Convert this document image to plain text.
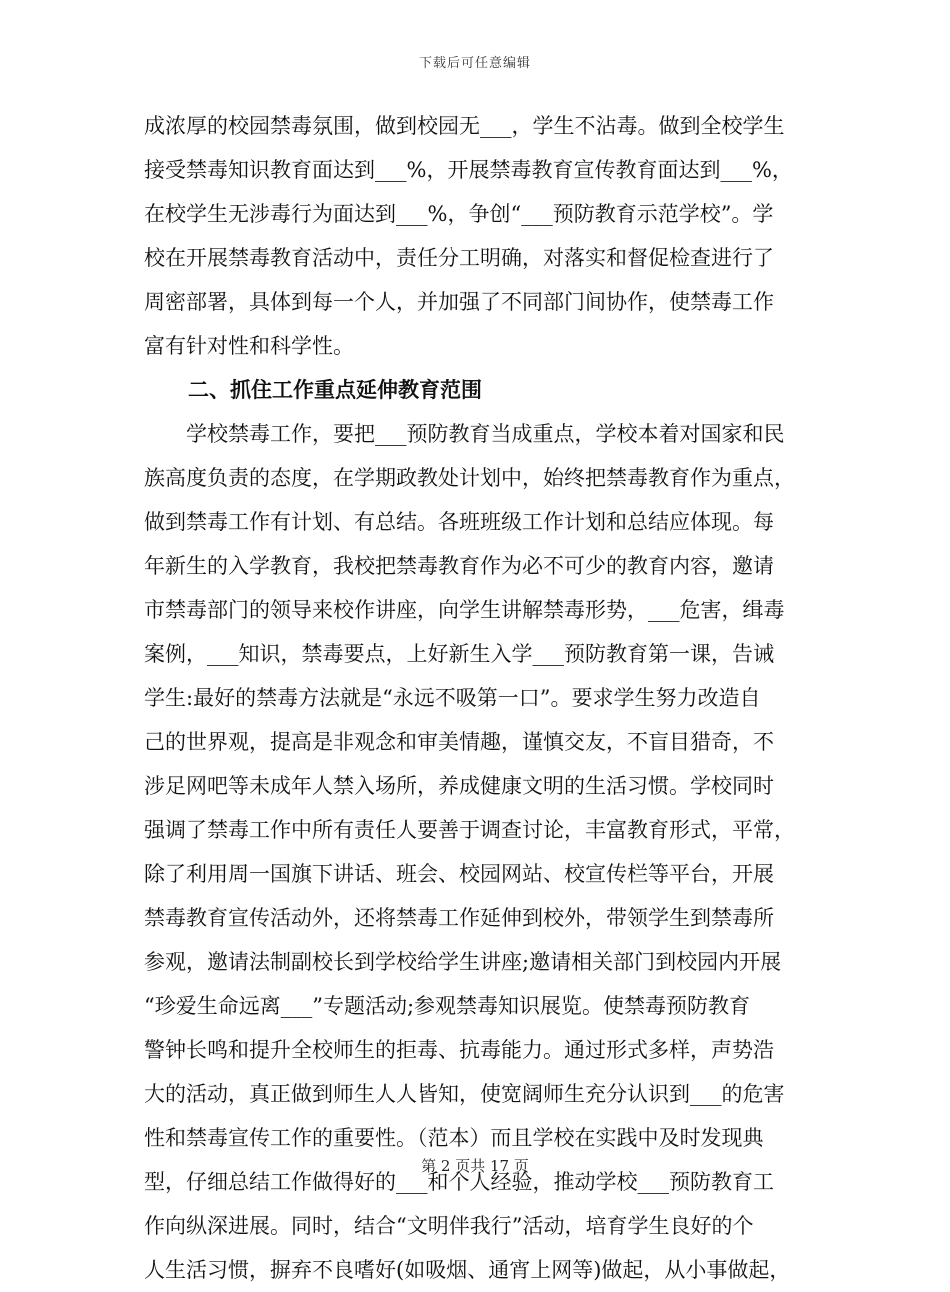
下载后可任意编辑
成浓厚的校园禁毒氛围，做到校园无___，学生不沾毒。做到全校学生
接受禁毒知识教育面达到___%，开展禁毒教育宣传教育面达到___%，
在校学生无涉毒行为面达到___%，争创“___预防教育示范学校”。学
校在开展禁毒教育活动中，责任分工明确，对落实和督促检查进行了
周密部署，具体到每一个人，并加强了不同部门间协作，使禁毒工作
富有针对性和科学性。
二、抓住工作重点延伸教育范围
　　学校禁毒工作，要把___预防教育当成重点，学校本着对国家和民
族高度负责的态度，在学期政教处计划中，始终把禁毒教育作为重点，
做到禁毒工作有计划、有总结。各班班级工作计划和总结应体现。每
年新生的入学教育，我校把禁毒教育作为必不可少的教育内容，邀请
市禁毒部门的领导来校作讲座，向学生讲解禁毒形势，___危害，缉毒
案例，___知识，禁毒要点，上好新生入学___预防教育第一课，告诫
学生:最好的禁毒方法就是“永远不吸第一口”。要求学生努力改造自
己的世界观，提高是非观念和审美情趣，谨慎交友，不盲目猎奇，不
涉足网吧等未成年人禁入场所，养成健康文明的生活习惯。学校同时
强调了禁毒工作中所有责任人要善于调查讨论，丰富教育形式，平常，
除了利用周一国旗下讲话、班会、校园网站、校宣传栏等平台，开展
禁毒教育宣传活动外，还将禁毒工作延伸到校外，带领学生到禁毒所
参观，邀请法制副校长到学校给学生讲座;邀请相关部门到校园内开展
“珍爱生命远离___”专题活动;参观禁毒知识展览。使禁毒预防教育
警钟长鸣和提升全校师生的拒毒、抗毒能力。通过形式多样，声势浩
大的活动，真正做到师生人人皆知，使宽阔师生充分认识到___的危害
性和禁毒宣传工作的重要性。（范本）而且学校在实践中及时发现典
型，仔细总结工作做得好的___和个人经验，推动学校___预防教育工
作向纵深进展。同时，结合“文明伴我行”活动，培育学生良好的个
人生活习惯，摒弃不良嗜好(如吸烟、通宵上网等)做起，从小事做起，
第 2 页共 17 页
